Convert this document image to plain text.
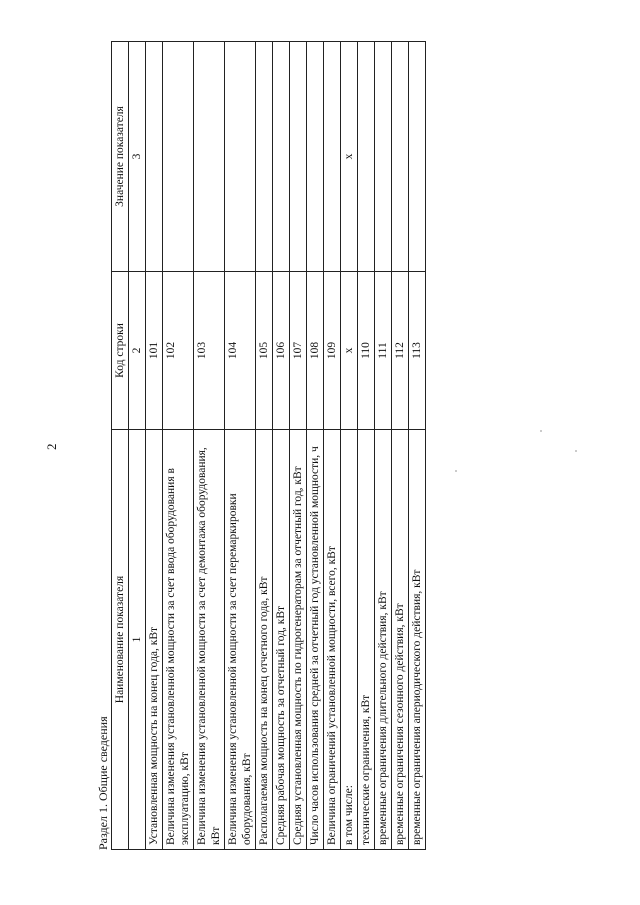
2
Раздел 1. Общие сведения
Наименование показателя	Код строки	Значение показателя
1	2	3
Установленная мощность на конец года, кВт	101	
Величина изменения установленной мощности за счет ввода оборудования в эксплуатацию, кВт	102	
Величина изменения установленной мощности за счет демонтажа оборудования, кВт	103	
Величина изменения установленной мощности за счет перемаркировки оборудования, кВт	104	
Располагаемая мощность на конец отчетного года, кВт	105	
Средняя рабочая мощность за отчетный год, кВт	106	
Средняя установленная мощность по гидрогенераторам за отчетный год, кВт	107	
Число часов использования средней за отчетный год установленной мощности, ч	108	
Величина ограничений установленной мощности, всего, кВт	109	
в том числе:	x	x
технические ограничения, кВт	110	
временные ограничения длительного действия, кВт	111	
временные ограничения сезонного действия, кВт	112	
временные ограничения апериодического действия, кВт	113	
